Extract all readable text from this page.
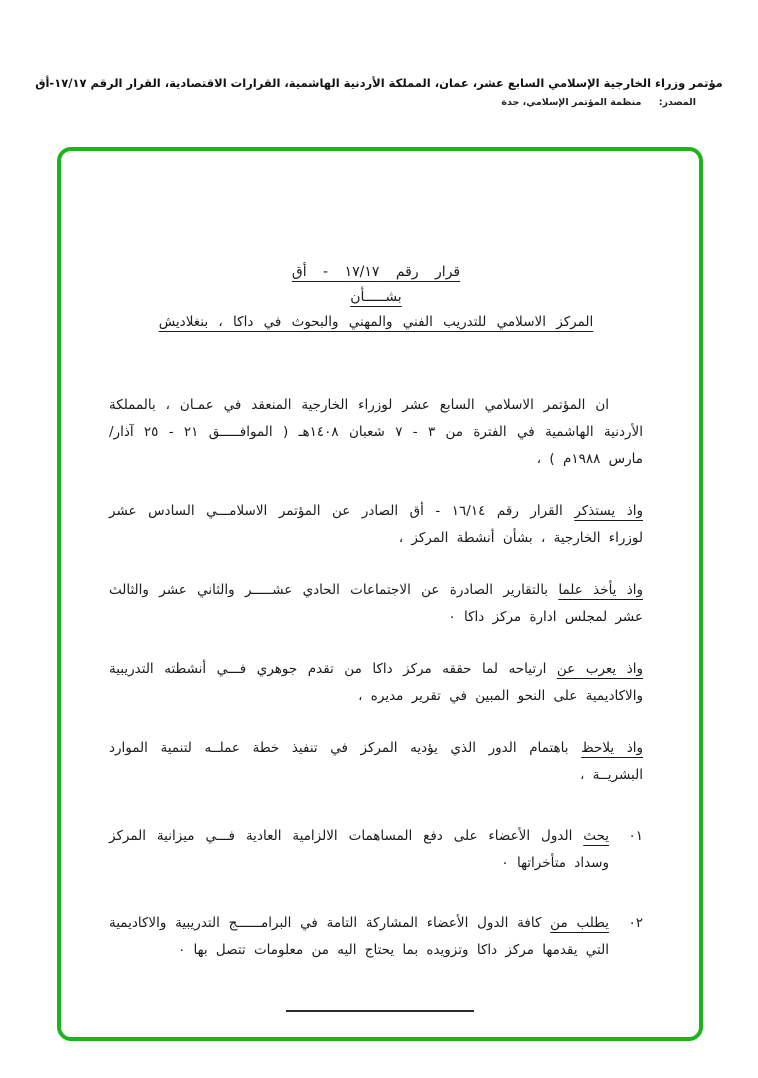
مؤتمر وزراء الخارجية الإسلامي السابع عشر، عمان، المملكة الأردنية الهاشمية، القرارات الاقتصادية، القرار الرقم ١٧/١٧-أق
المصدر: منظمة المؤتمر الإسلامي، جدة
قرار رقم ١٧/١٧ - أق
بشـــــأن
المركز الاسلامي للتدريب الفني والمهني والبحوث في داكا ، بنغلاديش

ان المؤتمر الاسلامي السابع عشر لوزراء الخارجية المنعقد في عمـان ، بالمملكة الأردنية الهاشمية في الفترة من ٣ - ٧ شعبان ١٤٠٨هـ ( الموافـــــق ٢١ - ٢٥ آذار/مارس ١٩٨٨م ) ،

واذ يستذكر القرار رقم ١٦/١٤ - أق الصادر عن المؤتمر الاسلامـــي السادس عشر لوزراء الخارجية ، بشأن أنشطة المركز ،

واذ يأخذ علما بالتقارير الصادرة عن الاجتماعات الحادي عشـــــر والثاني عشر والثالث عشر لمجلس ادارة مركز داكا ٠

واذ يعرب عن ارتياحه لما حققه مركز داكا من تقدم جوهري فـــي أنشطته التدريبية والاكاديمية على النحو المبين في تقرير مديره ،

واذ يلاحظ باهتمام الدور الذي يؤديه المركز في تنفيذ خطة عملــه لتنمية الموارد البشريــة ،

٠١

يحث الدول الأعضاء على دفع المساهمات الالزامية العادية فـــي ميزانية المركز وسداد متأخراتها ٠

٠٢

يطلب من كافة الدول الأعضاء المشاركة التامة في البرامــــــج التدريبية والاكاديمية التي يقدمها مركز داكا وتزويده بما يحتاج اليه من معلومات تتصل بها ٠
